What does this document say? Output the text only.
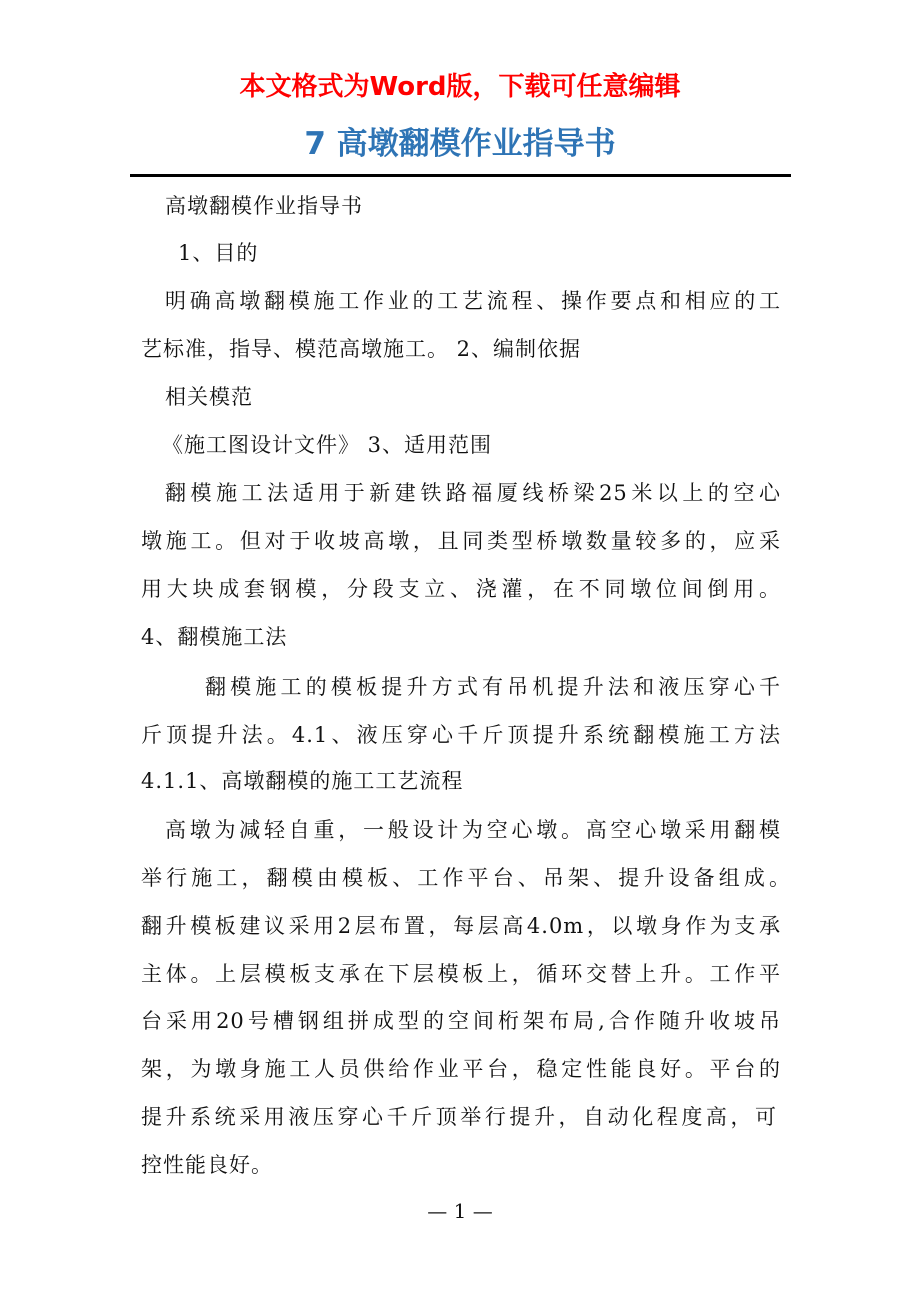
本文格式为Word版，下载可任意编辑
7 高墩翻模作业指导书
高墩翻模作业指导书
1、目的
明确高墩翻模施工作业的工艺流程、操作要点和相应的工
艺标准，指导、模范高墩施工。 2、编制依据
相关模范
《施工图设计文件》 3、适用范围
翻模施工法适用于新建铁路福厦线桥梁25米以上的空心
墩施工。但对于收坡高墩，且同类型桥墩数量较多的，应采
用大块成套钢模，分段支立、浇灌，在不同墩位间倒用。
4、翻模施工法
翻模施工的模板提升方式有吊机提升法和液压穿心千
斤顶提升法。4.1、液压穿心千斤顶提升系统翻模施工方法
4.1.1、高墩翻模的施工工艺流程
高墩为减轻自重，一般设计为空心墩。高空心墩采用翻模
举行施工，翻模由模板、工作平台、吊架、提升设备组成。
翻升模板建议采用2层布置，每层高4.0m，以墩身作为支承
主体。上层模板支承在下层模板上，循环交替上升。工作平
台采用20号槽钢组拼成型的空间桁架布局,合作随升收坡吊
架，为墩身施工人员供给作业平台，稳定性能良好。平台的
提升系统采用液压穿心千斤顶举行提升，自动化程度高，可
控性能良好。
— 1 —
